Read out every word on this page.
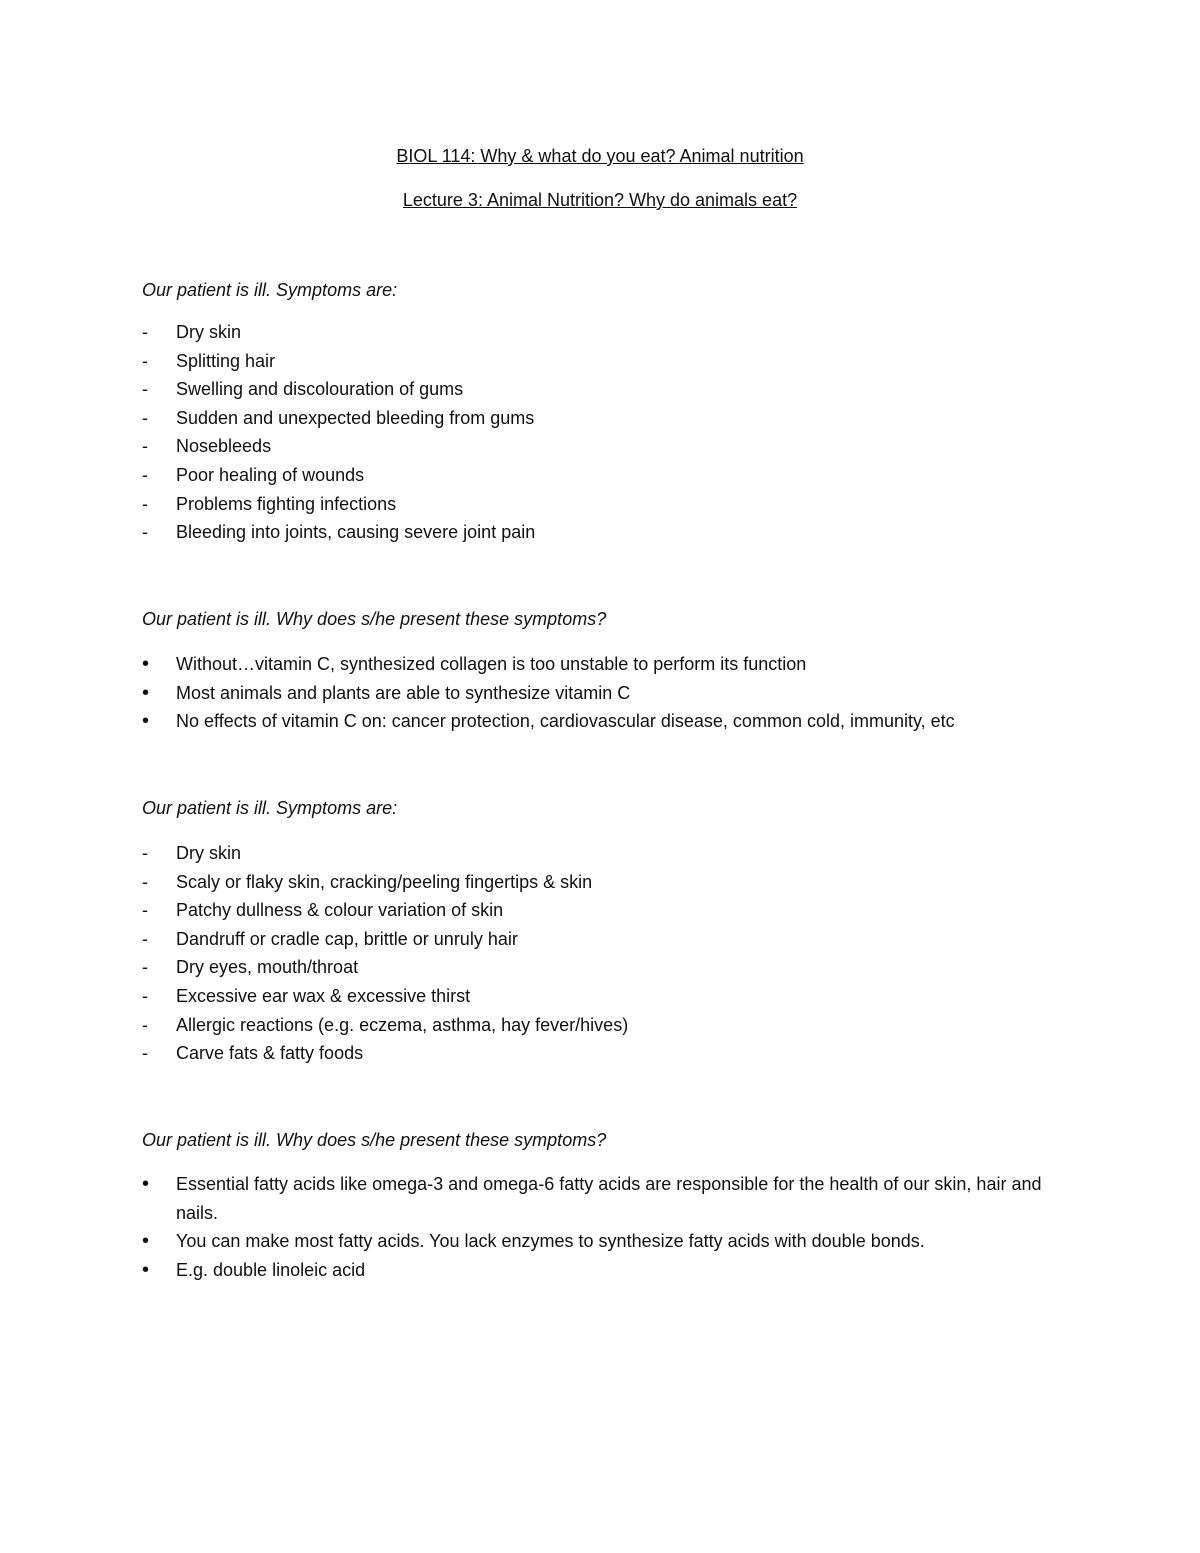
BIOL 114: Why & what do you eat? Animal nutrition
Lecture 3: Animal Nutrition? Why do animals eat?

Our patient is ill. Symptoms are:

-
Dry skin
-
Splitting hair
-
Swelling and discolouration of gums
-
Sudden and unexpected bleeding from gums
-
Nosebleeds
-
Poor healing of wounds
-
Problems fighting infections
-
Bleeding into joints, causing severe joint pain

Our patient is ill. Why does s/he present these symptoms?

•
Without…vitamin C, synthesized collagen is too unstable to perform its function
•
Most animals and plants are able to synthesize vitamin C
•
No effects of vitamin C on: cancer protection, cardiovascular disease, common cold, immunity, etc

Our patient is ill. Symptoms are:

-
Dry skin
-
Scaly or flaky skin, cracking/peeling fingertips & skin
-
Patchy dullness & colour variation of skin
-
Dandruff or cradle cap, brittle or unruly hair
-
Dry eyes, mouth/throat
-
Excessive ear wax & excessive thirst
-
Allergic reactions (e.g. eczema, asthma, hay fever/hives)
-
Carve fats & fatty foods

Our patient is ill. Why does s/he present these symptoms?

•
Essential fatty acids like omega-3 and omega-6 fatty acids are responsible for the health of our skin, hair and nails.
•
You can make most fatty acids. You lack enzymes to synthesize fatty acids with double bonds.
•
E.g. double linoleic acid
